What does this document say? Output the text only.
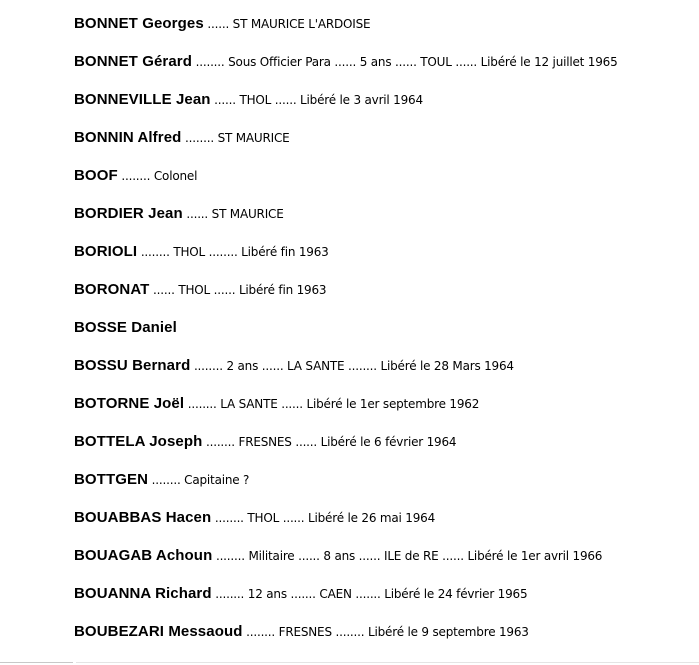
BONNET Georges ...... ST MAURICE L'ARDOISE
BONNET Gérard ........ Sous Officier Para ...... 5 ans ...... TOUL ...... Libéré le 12 juillet 1965
BONNEVILLE Jean ...... THOL ...... Libéré le 3 avril 1964
BONNIN Alfred ........ ST MAURICE
BOOF ........ Colonel
BORDIER Jean ...... ST MAURICE
BORIOLI ........ THOL ........ Libéré fin 1963
BORONAT ...... THOL ...... Libéré fin 1963
BOSSE Daniel
BOSSU Bernard ........ 2 ans ...... LA SANTE ........ Libéré le 28 Mars 1964
BOTORNE Joël ........ LA SANTE ...... Libéré le 1er septembre 1962
BOTTELA Joseph ........ FRESNES ...... Libéré le 6 février 1964
BOTTGEN ........ Capitaine ?
BOUABBAS Hacen ........ THOL ...... Libéré le 26 mai 1964
BOUAGAB Achoun ........ Militaire ...... 8 ans ...... ILE de RE ...... Libéré le 1er avril 1966
BOUANNA Richard ........ 12 ans ....... CAEN ....... Libéré le 24 février 1965
BOUBEZARI Messaoud ........ FRESNES ........ Libéré le 9 septembre 1963
